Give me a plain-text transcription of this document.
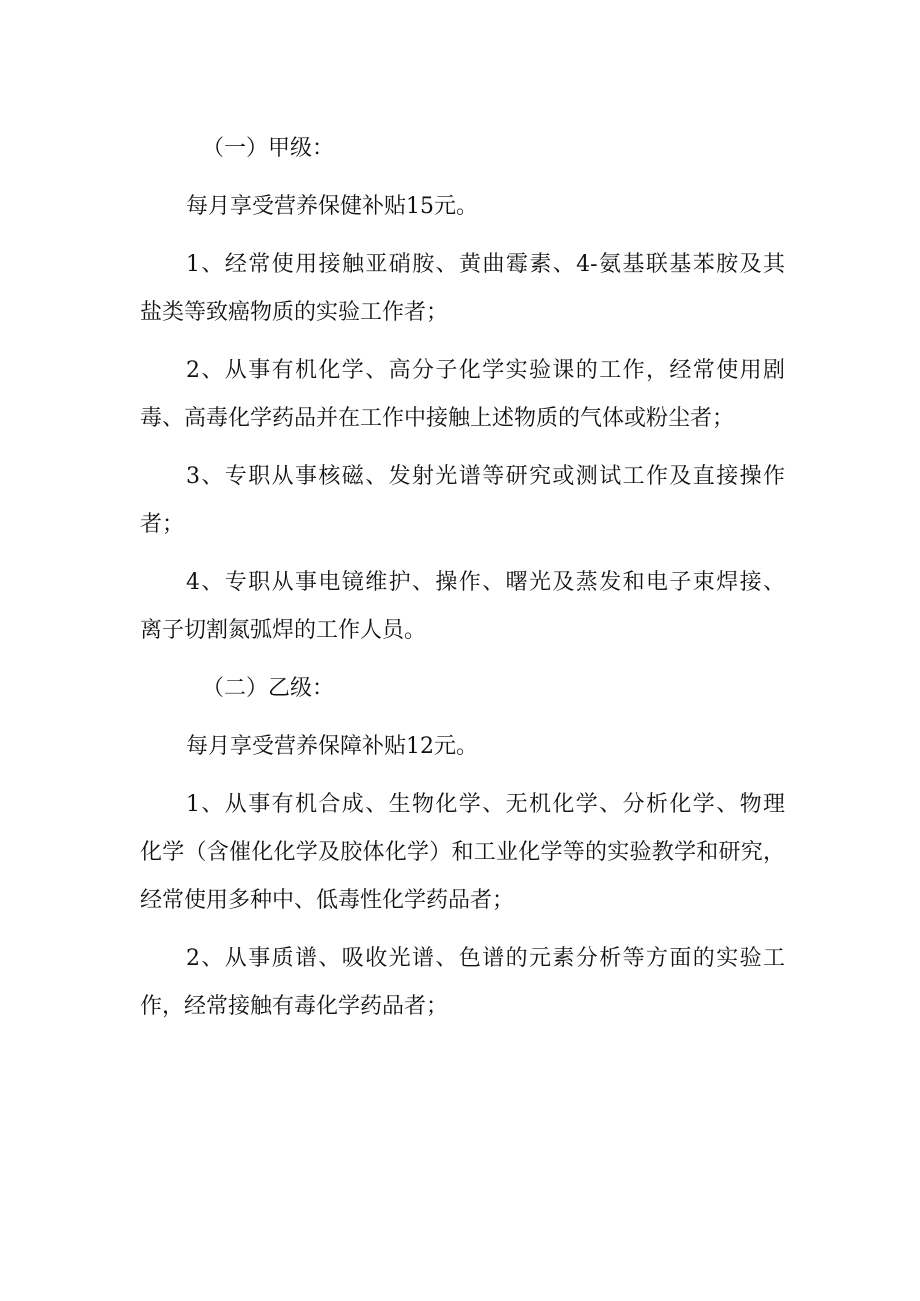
（一）甲级：
每月享受营养保健补贴15元。
1、经常使用接触亚硝胺、黄曲霉素、4-氨基联基苯胺及其
盐类等致癌物质的实验工作者；
2、从事有机化学、高分子化学实验课的工作，经常使用剧
毒、高毒化学药品并在工作中接触上述物质的气体或粉尘者；
3、专职从事核磁、发射光谱等研究或测试工作及直接操作
者；
4、专职从事电镜维护、操作、曙光及蒸发和电子束焊接、
离子切割氮弧焊的工作人员。
（二）乙级：
每月享受营养保障补贴12元。
1、从事有机合成、生物化学、无机化学、分析化学、物理
化学（含催化化学及胶体化学）和工业化学等的实验教学和研究，
经常使用多种中、低毒性化学药品者；
2、从事质谱、吸收光谱、色谱的元素分析等方面的实验工
作，经常接触有毒化学药品者；
